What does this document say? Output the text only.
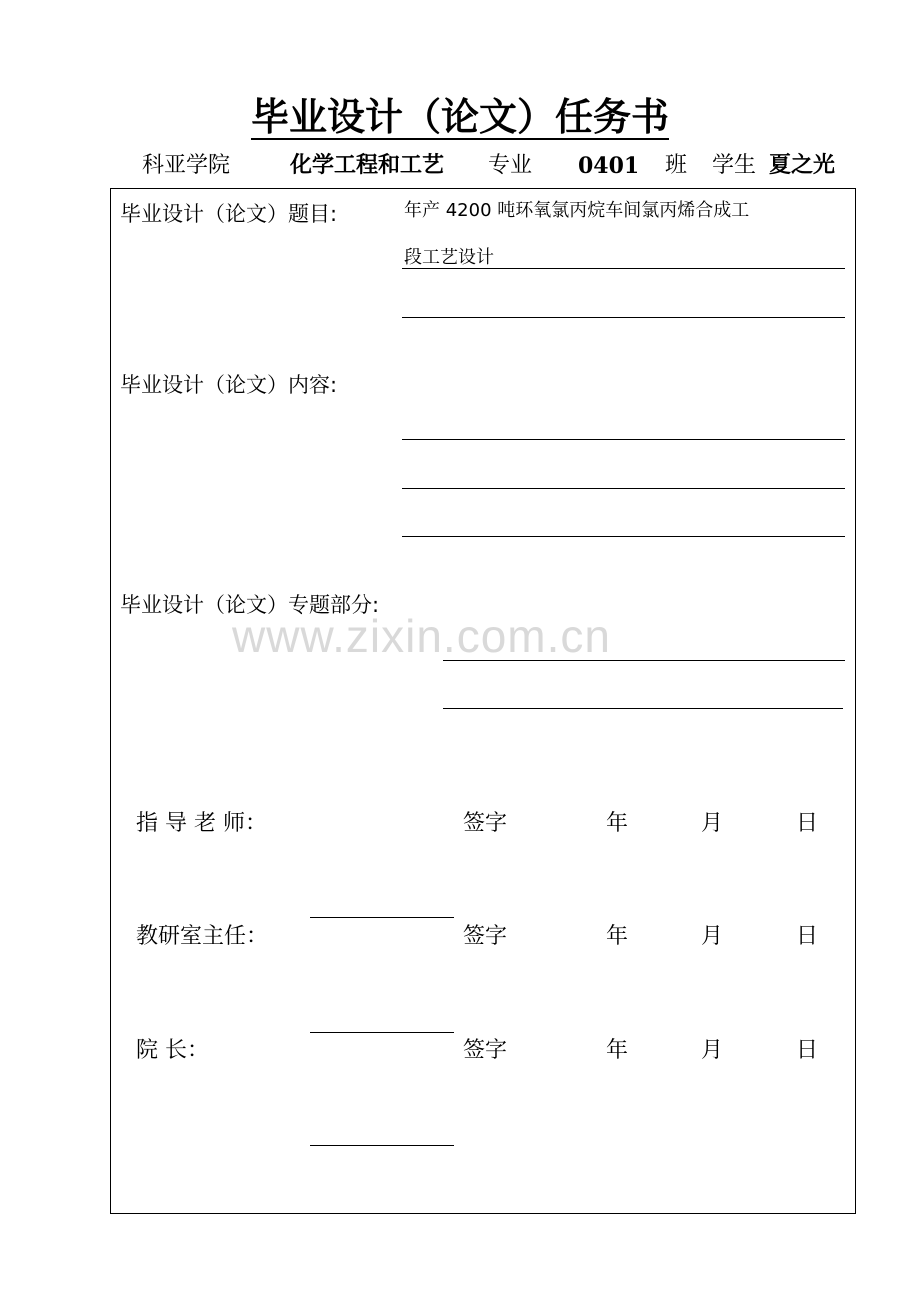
毕业设计（论文）任务书
科亚学院	化学工程和工艺 专业 0401 班 学生 夏之光
毕业设计（论文）题目:	年产 4200 吨环氧氯丙烷车间氯丙烯合成工
段工艺设计
毕业设计（论文）内容:
毕业设计（论文）专题部分:
www.zixin.com.cn
指 导 老 师：	签字	年	月	日
教研室主任：	签字	年	月	日
院 长：	签字	年	月	日
